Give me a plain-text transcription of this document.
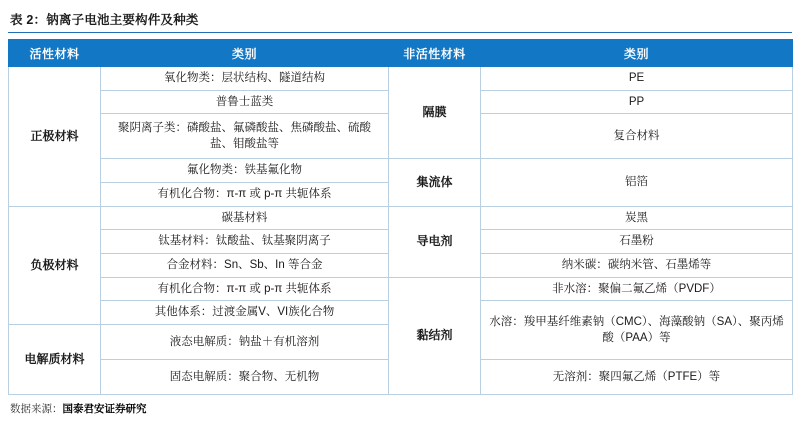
表 2：钠离子电池主要构件及种类
活性材料	类别	非活性材料	类别
正极材料	氧化物类：层状结构、隧道结构	隔膜	PE
	普鲁士蓝类		PP
	聚阴离子类：磷酸盐、氟磷酸盐、焦磷酸盐、硫酸盐、钼酸盐等		复合材料
	氟化物类：铁基氟化物	集流体	铝箔
	有机化合物：π-π 或 p-π 共轭体系		
负极材料	碳基材料	导电剂	炭黑
	钛基材料：钛酸盐、钛基聚阴离子		石墨粉
	合金材料：Sn、Sb、In 等合金		纳米碳：碳纳米管、石墨烯等
	有机化合物：π-π 或 p-π 共轭体系	黏结剂	非水溶：聚偏二氟乙烯（PVDF）
	其他体系：过渡金属V、VI族化合物		水溶：羧甲基纤维素钠（CMC）、海藻酸钠（SA）、聚丙烯酸（PAA）等
电解质材料	液态电解质：钠盐＋有机溶剂		
	固态电解质：聚合物、无机物		无溶剂：聚四氟乙烯（PTFE）等
数据来源：国泰君安证券研究
